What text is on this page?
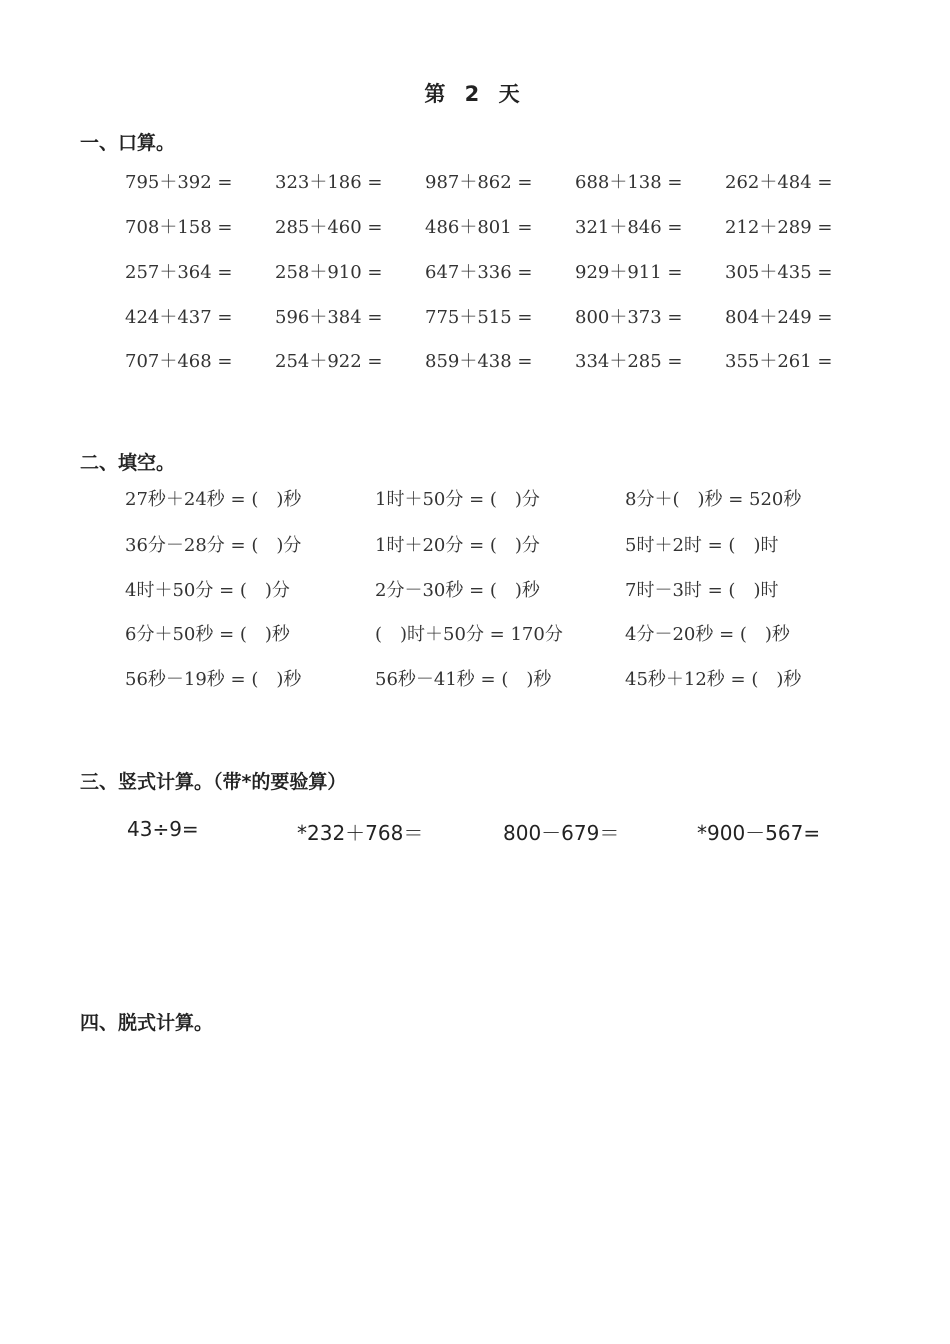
第 2 天
一、口算。
795＋392 = 323＋186 = 987＋862 = 688＋138 = 262＋484 =
708＋158 = 285＋460 = 486＋801 = 321＋846 = 212＋289 =
257＋364 = 258＋910 = 647＋336 = 929＋911 = 305＋435 =
424＋437 = 596＋384 = 775＋515 = 800＋373 = 804＋249 =
707＋468 = 254＋922 = 859＋438 = 334＋285 = 355＋261 =
二、填空。
27秒＋24秒 = (　)秒	1时＋50分 = (　)分	8分＋(　)秒 = 520秒
36分－28分 = (　)分	1时＋20分 = (　)分	5时＋2时 = (　)时
4时＋50分 = (　)分	2分－30秒 = (　)秒	7时－3时 = (　)时
6分＋50秒 = (　)秒	(　)时＋50分 = 170分	4分－20秒 = (　)秒
56秒－19秒 = (　)秒	56秒－41秒 = (　)秒	45秒＋12秒 = (　)秒
三、竖式计算。（带*的要验算）
43÷9=	*232＋768＝	800－679＝	*900－567=
四、脱式计算。
